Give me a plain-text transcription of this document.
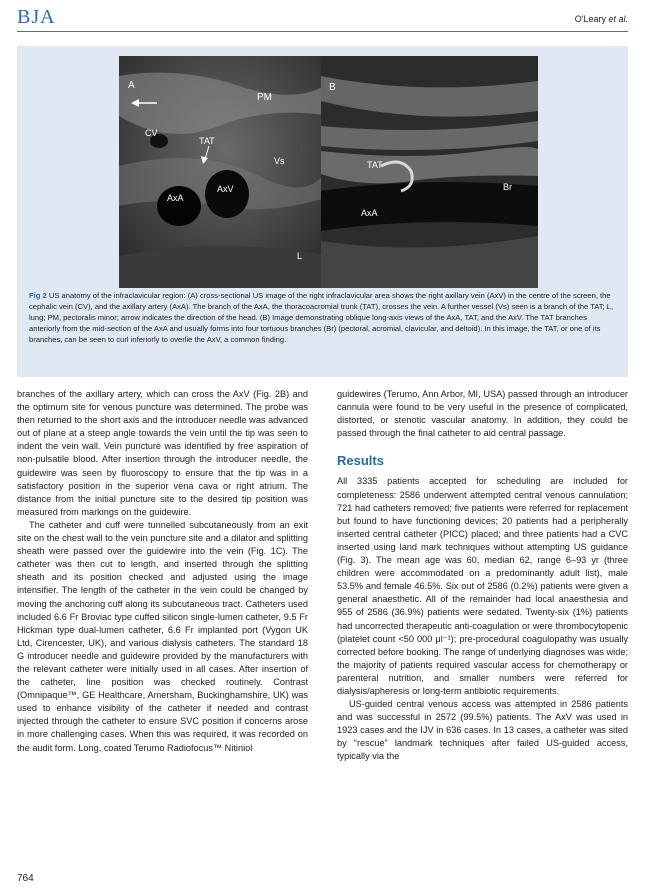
BJA	O'Leary et al.
A
PM
CV
TAT
Vs
AxA
AxV
L
B
TAT
Br
AxA
Fig 2 US anatomy of the infraclavicular region: (A) cross-sectional US image of the right infraclavicular area shows the right axillary vein (AxV) in the centre of the screen, the cephalic vein (CV), and the axillary artery (AxA). The branch of the AxA, the thoracoacromial trunk (TAT), crosses the vein. A further vessel (Vs) seen is a branch of the TAT; L, lung; PM, pectoralis minor; arrow indicates the direction of the head. (B) Image demonstrating oblique long-axis views of the AxA, TAT, and the AxV. The TAT branches anteriorly from the mid-section of the AxA and usually forms into four tortuous branches (Br) (pectoral, acromial, clavicular, and deltoid). In this image, the TAT, or one of its branches, can be seen to curl inferiorly to overlie the AxV, a common finding.

branches of the axillary artery, which can cross the AxV (Fig. 2B) and the optimum site for venous puncture was determined. The probe was then returned to the short axis and the introducer needle was advanced out of plane at a steep angle towards the vein until the tip was seen to indent the vein wall. Vein puncture was identified by free aspiration of non-pulsatile blood. After insertion through the introducer needle, the guidewire was seen by fluoroscopy to ensure that the tip was in a satisfactory position in the superior vena cava or right atrium. The distance from the initial puncture site to the desired tip position was measured from markings on the guidewire.

The catheter and cuff were tunnelled subcutaneously from an exit site on the chest wall to the vein puncture site and a dilator and splitting sheath were passed over the guidewire into the vein (Fig. 1C). The catheter was then cut to length, and inserted through the splitting sheath and its position checked and adjusted using the image intensifier. The length of the catheter in the vein could be changed by moving the anchoring cuff along its subcutaneous tract. Catheters used included 6.6 Fr Broviac type cuffed silicon single-lumen catheter, 9.5 Fr Hickman type dual-lumen catheter, 6.6 Fr implanted port (Vygon UK Ltd, Cirencester, UK), and various dialysis catheters. The standard 18 G introducer needle and guidewire provided by the manufacturers with the relevant catheter were initially used in all cases. After insertion of the catheter, line position was checked routinely. Contrast (Omnipaque™, GE Healthcare, Amersham, Buckinghamshire, UK) was used to enhance visibility of the catheter if needed and contrast injected through the catheter to ensure SVC position if concerns arose in more challenging cases. When this was required, it was recorded on the audit form. Long, coated Terumo Radiofocus™ Nitiniol

guidewires (Terumo, Ann Arbor, MI, USA) passed through an introducer cannula were found to be very useful in the presence of complicated, distorted, or stenotic vascular anatomy. In addition, they could be passed through the final catheter to aid central passage.

Results

All 3335 patients accepted for scheduling are included for completeness: 2586 underwent attempted central venous cannulation; 721 had catheters removed; five patients were referred for replacement but found to have functioning devices; 20 patients had a peripherally inserted central catheter (PICC) placed; and three patients had a CVC inserted using land mark techniques without attempting US guidance (Fig. 3). The mean age was 60, median 62, range 6–93 yr (three children were accommodated on a predominantly adult list), male 53.5% and female 46.5%. Six out of 2586 (0.2%) patients were given a general anaesthetic. All of the remainder had local anaesthesia and 955 of 2586 (36.9%) patients were sedated. Twenty-six (1%) patients had uncorrected therapeutic anti-coagulation or were thrombocytopenic (platelet count <50 000 μl⁻¹); pre-procedural coagulopathy was usually corrected before booking. The range of underlying diagnoses was wide; the majority of patients required vascular access for chemotherapy or parenteral nutrition, and smaller numbers were referred for dialysis/apheresis or long-term antibiotic requirements.

US-guided central venous access was attempted in 2586 patients and was successful in 2572 (99.5%) patients. The AxV was used in 1923 cases and the IJV in 636 cases. In 13 cases, a catheter was sited by “rescue” landmark techniques after failed US-guided access, typically via the

764
